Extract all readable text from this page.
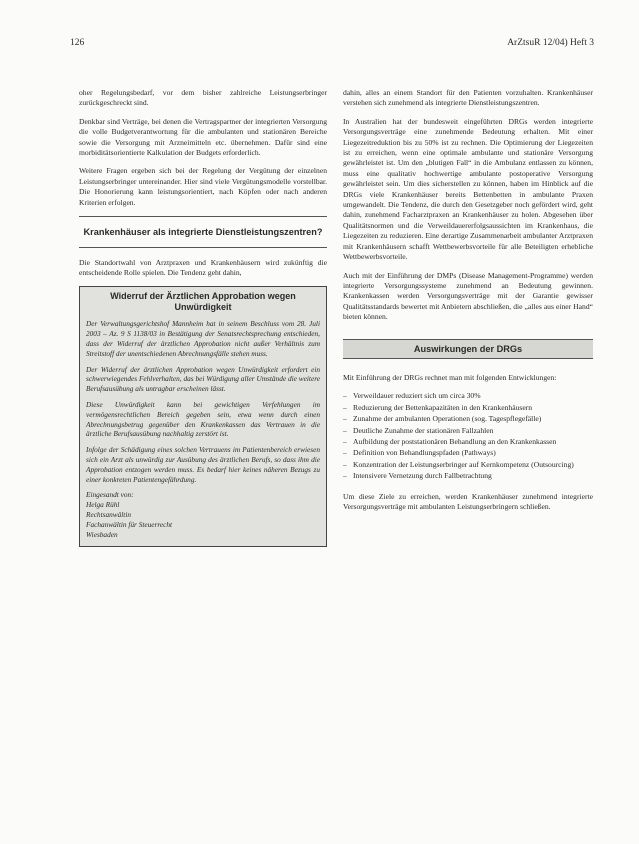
126	ArZtsuR 12/04) Heft 3

oher Regelungsbedarf, vor dem bisher zahlreiche Leistungserbringer zurückgeschreckt sind.

Denkbar sind Verträge, bei denen die Vertragspartner der integrierten Versorgung die volle Budgetverantwortung für die ambulanten und stationären Bereiche sowie die Versorgung mit Arzneimitteln etc. übernehmen. Dafür sind eine morbiditätsorientierte Kalkulation der Budgets erforderlich.

Weitere Fragen ergeben sich bei der Regelung der Vergütung der einzelnen Leistungserbringer untereinander. Hier sind viele Vergütungsmodelle vorstellbar. Die Honorierung kann leistungsorientiert, nach Köpfen oder nach anderen Kriterien erfolgen.

Krankenhäuser als integrierte Dienstleistungszentren?

Die Standortwahl von Arztpraxen und Krankenhäusern wird zukünftig die entscheidende Rolle spielen. Die Tendenz geht dahin,

Widerruf der Ärztlichen Approbation wegen Unwürdigkeit

Der Verwaltungsgerichtshof Mannheim hat in seinem Beschluss vom 28. Juli 2003 – Az. 9 S 1138/03 in Bestätigung der Senatsrechtsprechung entschieden, dass der Widerruf der ärztlichen Approbation nicht außer Verhältnis zum Streitstoff der unentschiedenen Abrechnungsfälle stehen muss.

Der Widerruf der ärztlichen Approbation wegen Unwürdigkeit erfordert ein schwerwiegendes Fehlverhalten, das bei Würdigung aller Umstände die weitere Berufsausübung als untragbar erscheinen lässt.

Diese Unwürdigkeit kann bei gewichtigen Verfehlungen im vermögensrechtlichen Bereich gegeben sein, etwa wenn durch einen Abrechnungsbetrug gegenüber den Krankenkassen das Vertrauen in die ärztliche Berufsausübung nachhaltig zerstört ist.

Infolge der Schädigung eines solchen Vertrauens im Patientenbereich erwiesen sich ein Arzt als unwürdig zur Ausübung des ärztlichen Berufs, so dass ihm die Approbation entzogen werden muss. Es bedarf hier keines näheren Bezugs zu einer konkreten Patientengefährdung.

Eingesandt von:
Helga Rühl
Rechtsanwältin
Fachanwältin für Steuerrecht
Wiesbaden

dahin, alles an einem Standort für den Patienten vorzuhalten. Krankenhäuser verstehen sich zunehmend als integrierte Dienstleistungszentren.

In Australien hat der bundesweit eingeführten DRGs werden integrierte Versorgungsverträge eine zunehmende Bedeutung erhalten. Mit einer Liegezeitreduktion bis zu 50% ist zu rechnen. Die Optimierung der Liegezeiten ist zu erreichen, wenn eine optimale ambulante und stationäre Versorgung gewährleistet ist. Um den „blutigen Fall“ in die Ambulanz entlassen zu können, muss eine qualitativ hochwertige ambulante postoperative Versorgung gewährleistet sein. Um dies sicherstellen zu können, haben im Hinblick auf die DRGs viele Krankenhäuser bereits Bettenbetten in ambulante Praxen umgewandelt. Die Tendenz, die durch den Gesetzgeber noch gefördert wird, geht dahin, zunehmend Facharztpraxen an Krankenhäuser zu holen. Abgesehen über Qualitätsnormen und die Verweildauererfolgsaussichten im Krankenhaus, die Liegezeiten zu reduzieren. Eine derartige Zusammenarbeit ambulanter Arztpraxen mit Krankenhäusern schafft Wettbewerbsvorteile für alle Beteiligten erhebliche Wettbewerbsvorteile.

Auch mit der Einführung der DMPs (Disease Management-Programme) werden integrierte Versorgungssysteme zunehmend an Bedeutung gewinnen. Krankenkassen werden Versorgungsverträge mit der Garantie gewisser Qualitätsstandards bewertet mit Anbietern abschließen, die „alles aus einer Hand“ bieten können.

Auswirkungen der DRGs

Mit Einführung der DRGs rechnet man mit folgenden Entwicklungen:

– Verweildauer reduziert sich um circa 30%
– Reduzierung der Bettenkapazitäten in den Krankenhäusern
– Zunahme der ambulanten Operationen (sog. Tagespflegefälle)
– Deutliche Zunahme der stationären Fallzahlen
– Aufbildung der poststationären Behandlung an den Krankenkassen
– Definition von Behandlungspfaden (Pathways)
– Konzentration der Leistungserbringer auf Kernkompetenz (Outsourcing)
– Intensivere Vernetzung durch Fallbetrachtung

Um diese Ziele zu erreichen, werden Krankenhäuser zunehmend integrierte Versorgungsverträge mit ambulanten Leistungserbringern schließen.
